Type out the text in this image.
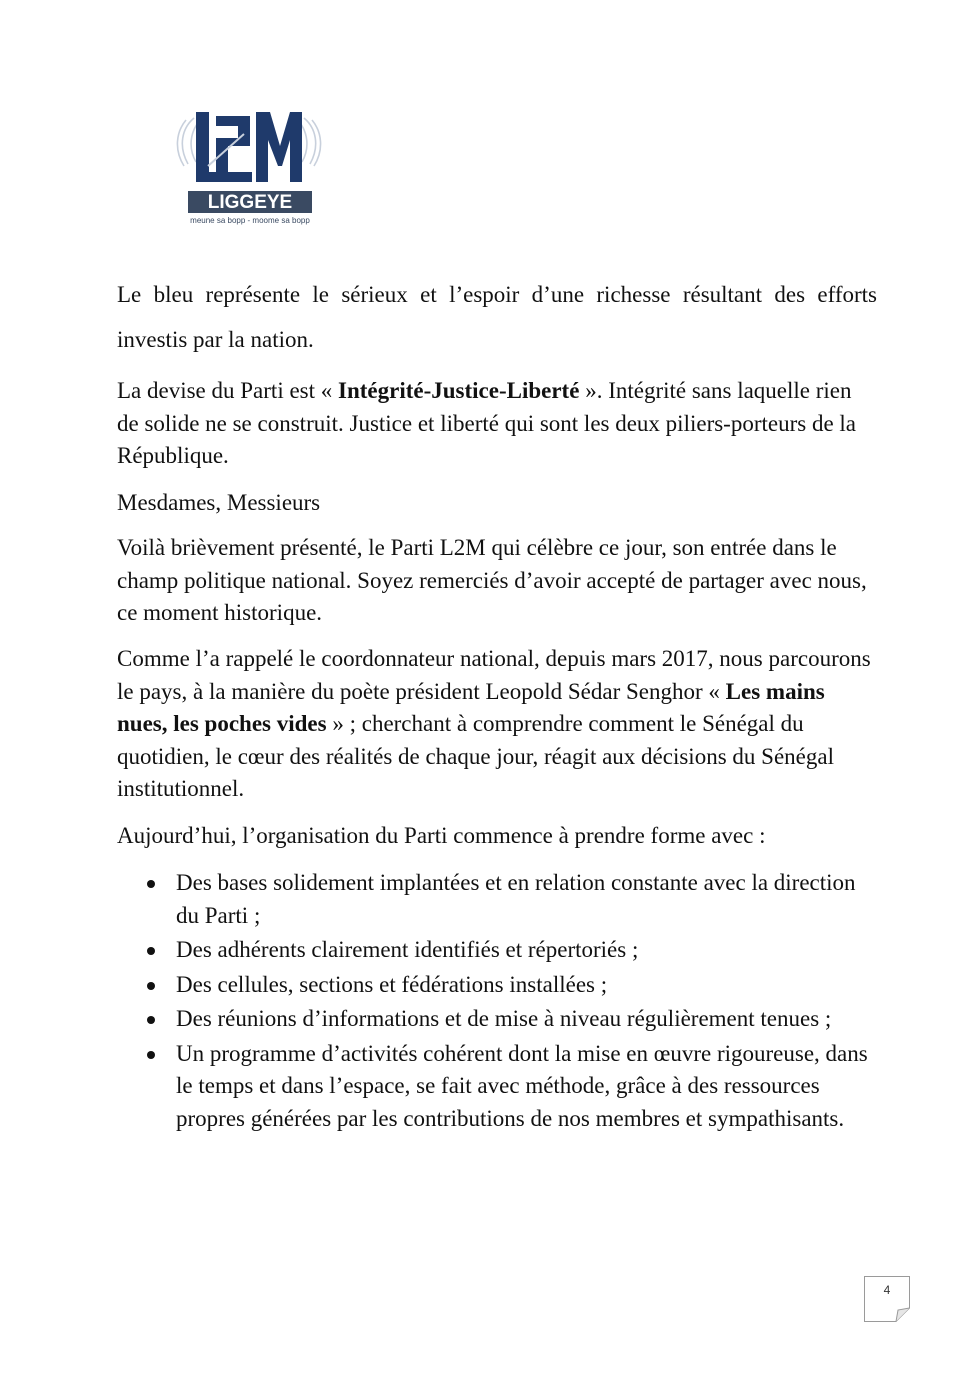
LIGGEYE
meune sa bopp - moome sa bopp

Le bleu représente le sérieux et l’espoir d’une richesse résultant des efforts investis par la nation.

La devise du Parti est « Intégrité-Justice-Liberté ». Intégrité sans laquelle rien de solide ne se construit. Justice et liberté qui sont les deux piliers-porteurs de la République.

Mesdames, Messieurs

Voilà brièvement présenté, le Parti L2M qui célèbre ce jour, son entrée dans le champ politique national. Soyez remerciés d’avoir accepté de partager avec nous, ce moment historique.

Comme l’a rappelé le coordonnateur national, depuis mars 2017, nous parcourons le pays, à la manière du poète président Leopold Sédar Senghor « Les mains nues, les poches vides » ; cherchant à comprendre comment le Sénégal du quotidien, le cœur des réalités de chaque jour, réagit aux décisions du Sénégal institutionnel.

Aujourd’hui, l’organisation du Parti commence à prendre forme avec :

Des bases solidement implantées et en relation constante avec la direction du Parti ;
Des adhérents clairement identifiés et répertoriés ;
Des cellules, sections et fédérations installées ;
Des réunions d’informations et de mise à niveau régulièrement tenues ;
Un programme d’activités cohérent dont la mise en œuvre rigoureuse, dans le temps et dans l’espace, se fait avec méthode, grâce à des ressources propres générées par les contributions de nos membres et sympathisants.
4
